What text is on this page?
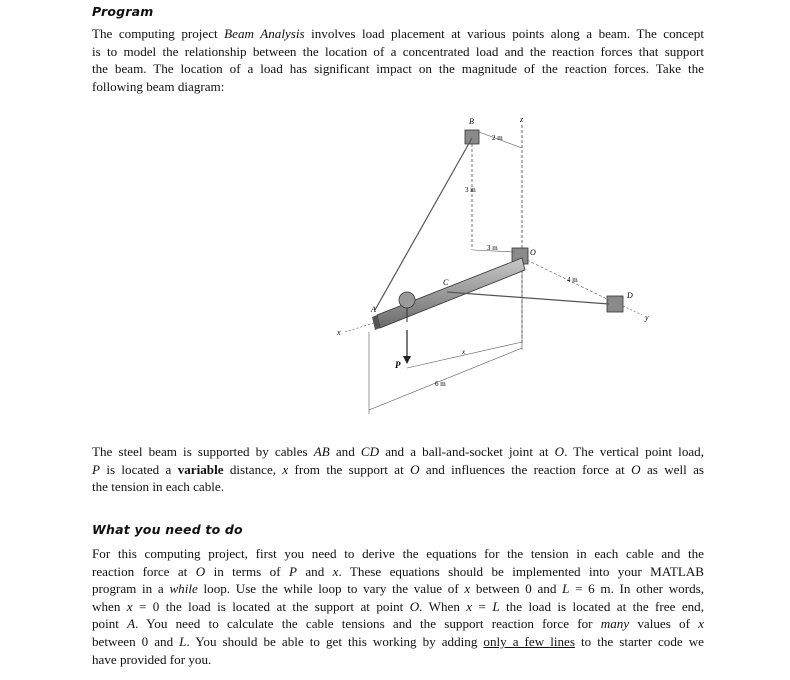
Program
The computing project Beam Analysis involves load placement at various points along a beam. The concept
is to model the relationship between the location of a concentrated load and the reaction forces that support
the beam. The location of a load has significant impact on the magnitude of the reaction forces. Take the
following beam diagram:
B	z
2 m
3 m
3 m	O
4 m
D
y
C
A
x
P
x
6 m
The steel beam is supported by cables AB and CD and a ball-and-socket joint at O. The vertical point load,
P is located a variable distance, x from the support at O and influences the reaction force at O as well as
the tension in each cable.
What you need to do
For this computing project, first you need to derive the equations for the tension in each cable and the
reaction force at O in terms of P and x. These equations should be implemented into your MATLAB
program in a while loop. Use the while loop to vary the value of x between 0 and L = 6 m. In other words,
when x = 0 the load is located at the support at point O. When x = L the load is located at the free end,
point A. You need to calculate the cable tensions and the support reaction force for many values of x
between 0 and L. You should be able to get this working by adding only a few lines to the starter code we
have provided for you.
